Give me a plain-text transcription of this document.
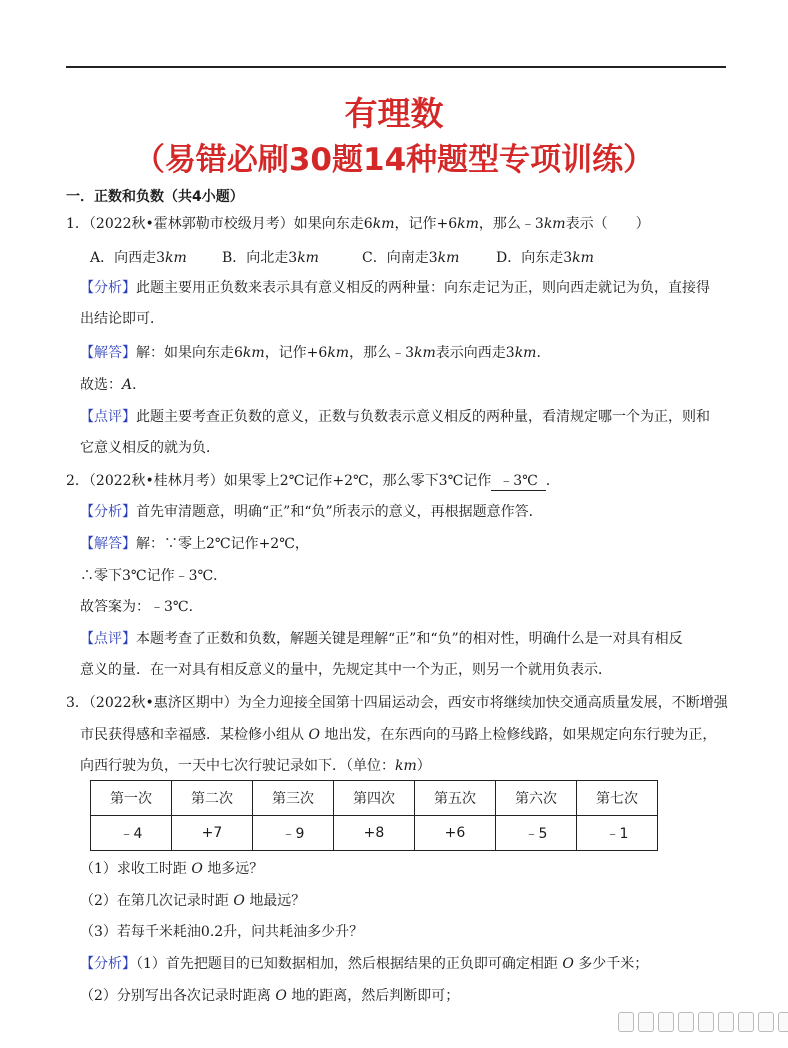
有理数
（易错必刷30题14种题型专项训练）
一．正数和负数（共4小题）
1．（2022秋•霍林郭勒市校级月考）如果向东走6km，记作+6km，那么﹣3km表示（　　）
A．向西走3km	B．向北走3km	C．向南走3km	D．向东走3km
【分析】此题主要用正负数来表示具有意义相反的两种量：向东走记为正，则向西走就记为负，直接得
出结论即可．
【解答】解：如果向东走6km，记作+6km，那么﹣3km表示向西走3km．
故选：A．
【点评】此题主要考查正负数的意义，正数与负数表示意义相反的两种量，看清规定哪一个为正，则和
它意义相反的就为负．
2．（2022秋•桂林月考）如果零上2℃记作+2℃，那么零下3℃记作 ﹣3℃ ．
【分析】首先审清题意，明确“正”和“负”所表示的意义，再根据题意作答．
【解答】解：∵零上2℃记作+2℃，
∴零下3℃记作﹣3℃．
故答案为：﹣3℃．
【点评】本题考查了正数和负数，解题关键是理解“正”和“负”的相对性，明确什么是一对具有相反
意义的量．在一对具有相反意义的量中，先规定其中一个为正，则另一个就用负表示．
3．（2022秋•惠济区期中）为全力迎接全国第十四届运动会，西安市将继续加快交通高质量发展，不断增强
市民获得感和幸福感．某检修小组从 O 地出发，在东西向的马路上检修线路，如果规定向东行驶为正，
向西行驶为负，一天中七次行驶记录如下．（单位：km）
第一次	第二次	第三次	第四次	第五次	第六次	第七次
﹣4	+7	﹣9	+8	+6	﹣5	﹣1
（1）求收工时距 O 地多远？
（2）在第几次记录时距 O 地最远？
（3）若每千米耗油0.2升，问共耗油多少升？
【分析】（1）首先把题目的已知数据相加，然后根据结果的正负即可确定相距 O 多少千米；
（2）分别写出各次记录时距离 O 地的距离，然后判断即可；
